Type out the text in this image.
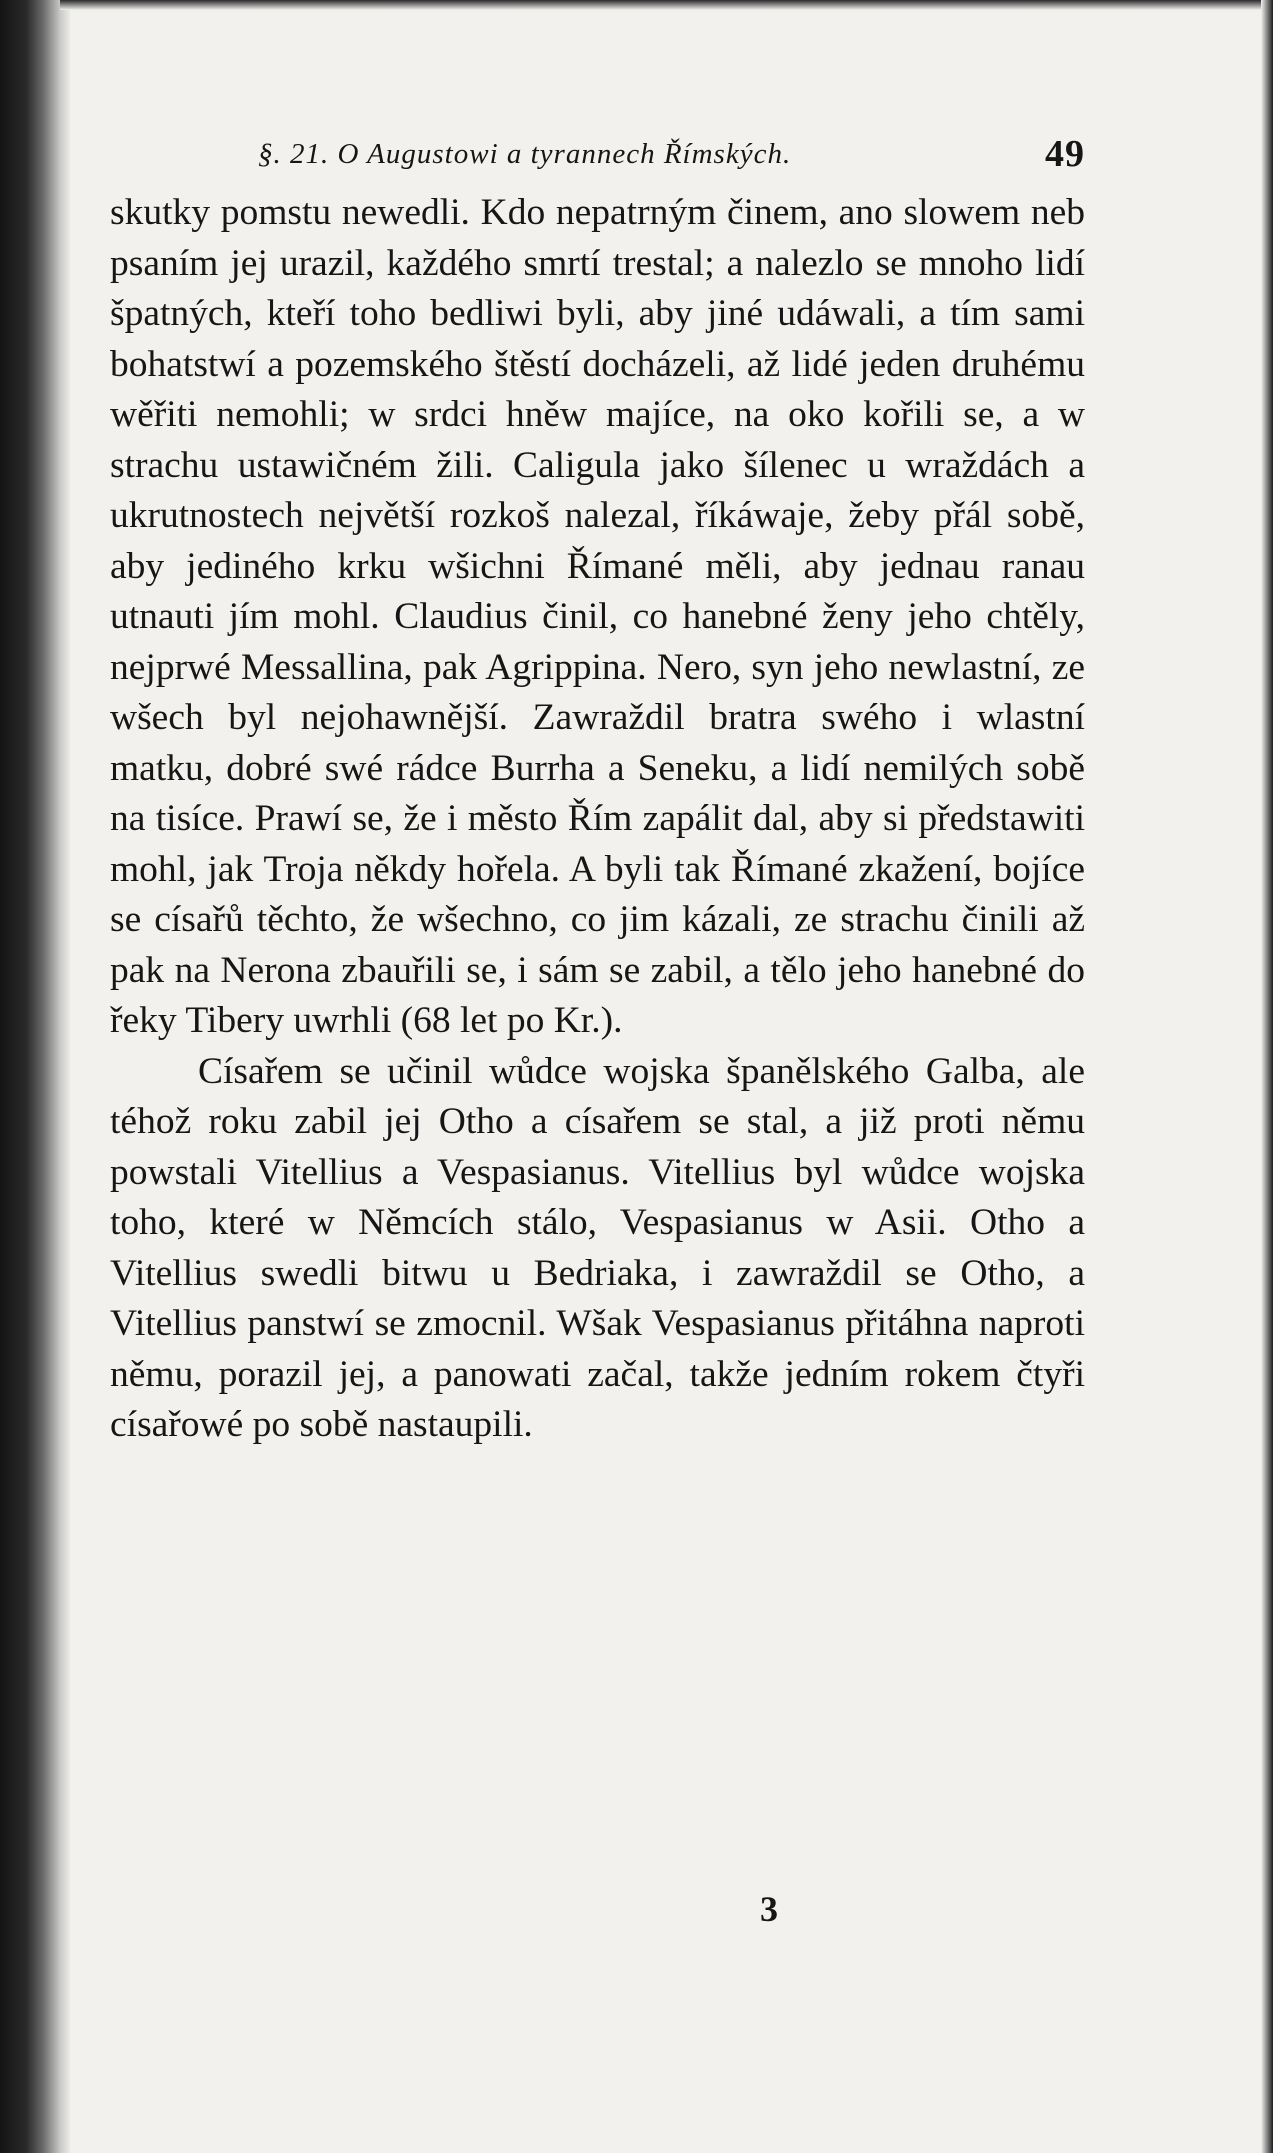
§. 21. O Augustowi a tyrannech Římských.	49

skutky pomstu newedli. Kdo nepatrným činem, ano slowem neb psaním jej urazil, každého smrtí trestal; a nalezlo se mnoho lidí špatných, kteří toho bedliwi byli, aby jiné udáwali, a tím sami bohatstwí a pozemského štěstí docházeli, až lidé jeden druhému wěřiti nemohli; w srdci hněw majíce, na oko kořili se, a w strachu ustawičném žili. Caligula jako šílenec u wraždách a ukrutnostech největší rozkoš nalezal, říkáwaje, žeby přál sobě, aby jediného krku wšichni Římané měli, aby jednau ranau utnauti jím mohl. Claudius činil, co hanebné ženy jeho chtěly, nejprwé Messallina, pak Agrippina. Nero, syn jeho newlastní, ze wšech byl nejohawnější. Zawraždil bratra swého i wlastní matku, dobré swé rádce Burrha a Seneku, a lidí nemilých sobě na tisíce. Prawí se, že i město Řím zapálit dal, aby si předstawiti mohl, jak Troja někdy hořela. A byli tak Římané zkažení, bojíce se císařů těchto, že wšechno, co jim kázali, ze strachu činili až pak na Nerona zbauřili se, i sám se zabil, a tělo jeho hanebné do řeky Tibery uwrhli (68 let po Kr.).

Císařem se učinil wůdce wojska španělského Galba, ale téhož roku zabil jej Otho a císařem se stal, a již proti němu powstali Vitellius a Vespasianus. Vitellius byl wůdce wojska toho, které w Němcích stálo, Vespasianus w Asii. Otho a Vitellius swedli bitwu u Bedriaka, i zawraždil se Otho, a Vitellius panstwí se zmocnil. Wšak Vespasianus přitáhna naproti němu, porazil jej, a panowati začal, takže jedním rokem čtyři císařowé po sobě nastaupili.

3
